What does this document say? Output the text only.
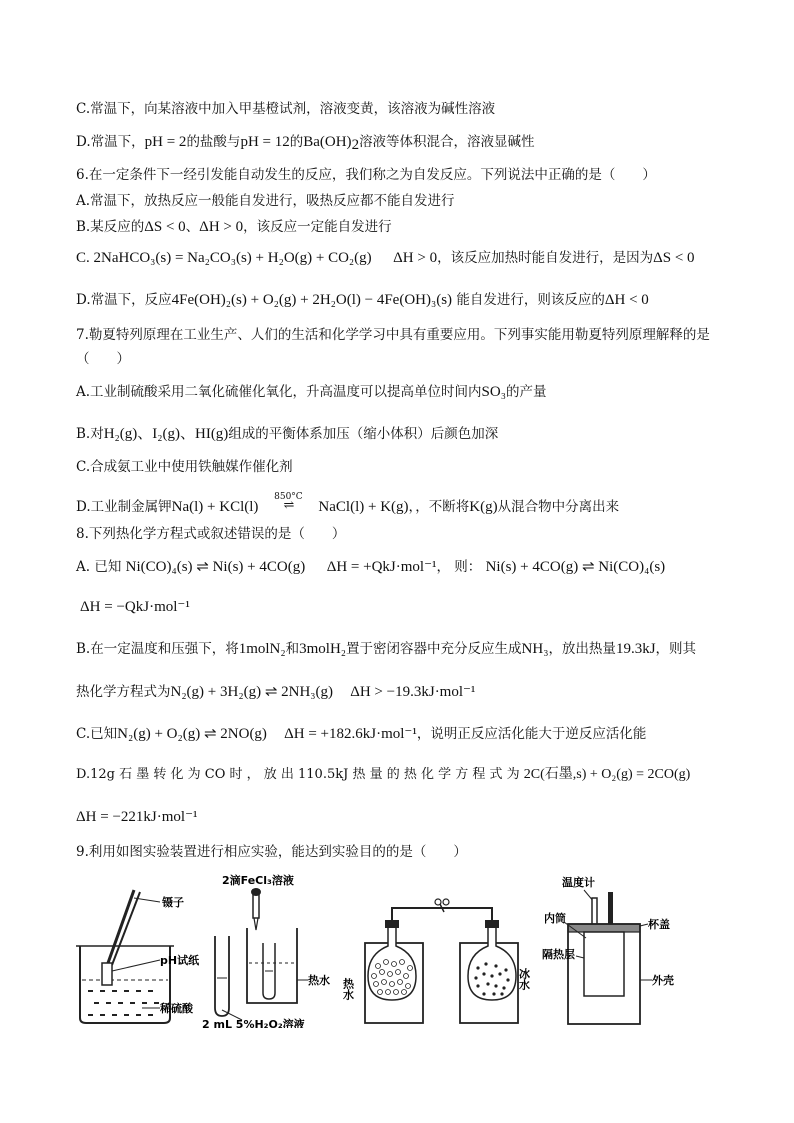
C.常温下，向某溶液中加入甲基橙试剂，溶液变黄，该溶液为碱性溶液
D.常温下，pH = 2的盐酸与pH = 12的Ba(OH)2溶液等体积混合，溶液显碱性
6.在一定条件下一经引发能自动发生的反应，我们称之为自发反应。下列说法中正确的是（　　）
A.常温下，放热反应一般能自发进行，吸热反应都不能自发进行
B.某反应的ΔS < 0、ΔH > 0，该反应一定能自发进行
C. 2NaHCO₃(s) = Na₂CO₃(s) + H₂O(g) + CO₂(g) ΔH > 0，该反应加热时能自发进行，是因为ΔS < 0
D.常温下，反应4Fe(OH)₂(s) + O₂(g) + 2H₂O(l) − 4Fe(OH)₃(s) 能自发进行，则该反应的ΔH < 0
7.勒夏特列原理在工业生产、人们的生活和化学学习中具有重要应用。下列事实能用勒夏特列原理解释的是
（　　）
A.工业制硫酸采用二氧化硫催化氧化，升高温度可以提高单位时间内SO₃的产量
B.对H₂(g)、I₂(g)、HI(g)组成的平衡体系加压（缩小体积）后颜色加深
C.合成氨工业中使用铁触媒作催化剂
D.工业制金属钾Na(l) + KCl(l)
850°C
⇌	NaCl(l) + K(g)，，不断将K(g)从混合物中分离出来
8.下列热化学方程式或叙述错误的是（　　）
A. 已知 Ni(CO)₄(s) ⇌ Ni(s) + 4CO(g) ΔH = +QkJ·mol⁻¹， 则： Ni(s) + 4CO(g) ⇌ Ni(CO)₄(s)
ΔH = −QkJ·mol⁻¹
B.在一定温度和压强下，将1molN₂和3molH₂置于密闭容器中充分反应生成NH₃，放出热量19.3kJ，则其
热化学方程式为N₂(g) + 3H₂(g) ⇌ 2NH₃(g) ΔH > −19.3kJ·mol⁻¹
C.已知N₂(g) + O₂(g) ⇌ 2NO(g) ΔH = +182.6kJ·mol⁻¹，说明正反应活化能大于逆反应活化能
D.12g 石 墨 转 化 为 CO 时 ， 放 出 110.5kJ 热 量 的 热 化 学 方 程 式 为 2C(石墨,s) + O₂(g) = 2CO(g)
ΔH = −221kJ·mol⁻¹
9.利用如图实验装置进行相应实验，能达到实验目的的是（　　）
镊子
pH试纸
稀硫酸
2滴FeCl₃溶液
热水
2 mL 5%H₂O₂溶液
热水	冰水
温度计
内筒	杯盖
隔热层
外壳
